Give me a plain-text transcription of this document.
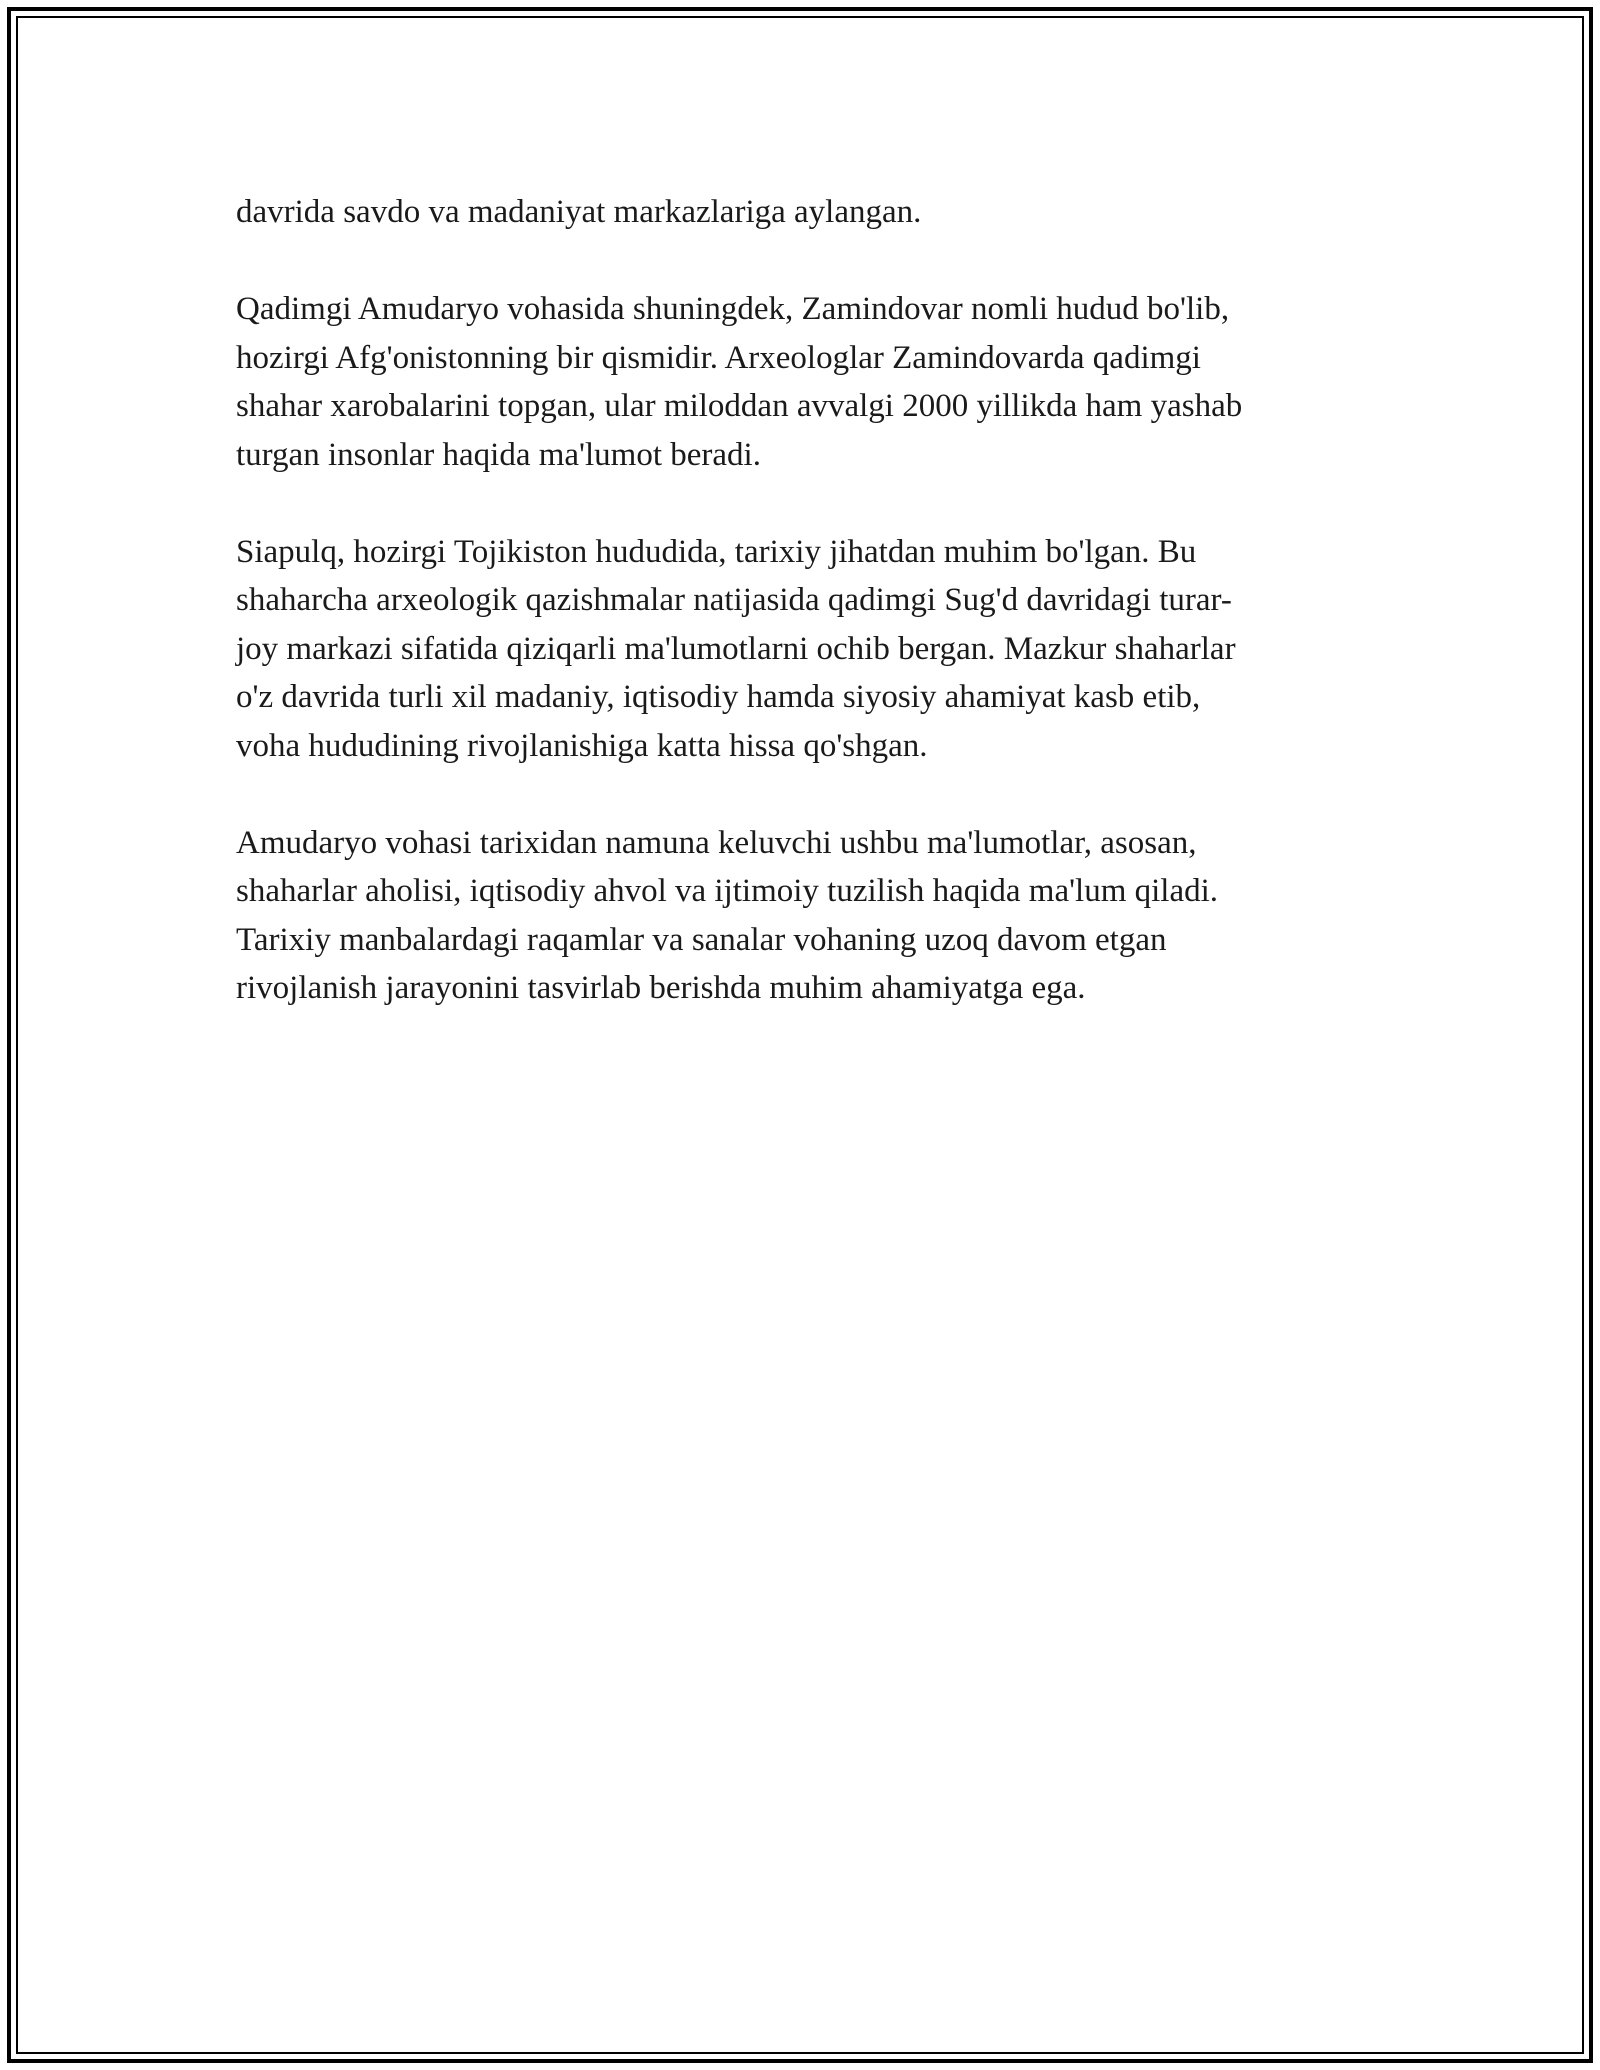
davrida savdo va madaniyat markazlariga aylangan.

Qadimgi Amudaryo vohasida shuningdek, Zamindovar nomli hudud bo'lib,
hozirgi Afg'onistonning bir qismidir. Arxeologlar Zamindovarda qadimgi
shahar xarobalarini topgan, ular miloddan avvalgi 2000 yillikda ham yashab
turgan insonlar haqida ma'lumot beradi.

Siapulq, hozirgi Tojikiston hududida, tarixiy jihatdan muhim bo'lgan. Bu
shaharcha arxeologik qazishmalar natijasida qadimgi Sug'd davridagi turar-
joy markazi sifatida qiziqarli ma'lumotlarni ochib bergan. Mazkur shaharlar
o'z davrida turli xil madaniy, iqtisodiy hamda siyosiy ahamiyat kasb etib,
voha hududining rivojlanishiga katta hissa qo'shgan.

Amudaryo vohasi tarixidan namuna keluvchi ushbu ma'lumotlar, asosan,
shaharlar aholisi, iqtisodiy ahvol va ijtimoiy tuzilish haqida ma'lum qiladi.
Tarixiy manbalardagi raqamlar va sanalar vohaning uzoq davom etgan
rivojlanish jarayonini tasvirlab berishda muhim ahamiyatga ega.
